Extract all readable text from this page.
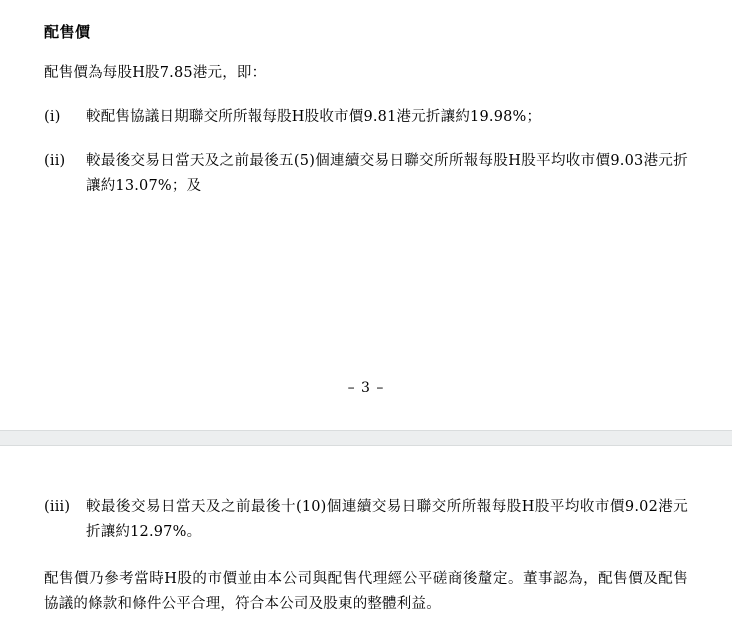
配售價
配售價為每股H股7.85港元，即：
(i)	較配售協議日期聯交所所報每股H股收市價9.81港元折讓約19.98%；
(ii)	較最後交易日當天及之前最後五(5)個連續交易日聯交所所報每股H股平均收市價9.03港元折讓約13.07%；及
– 3 –
(iii)	較最後交易日當天及之前最後十(10)個連續交易日聯交所所報每股H股平均收市價9.02港元折讓約12.97%。
配售價乃參考當時H股的市價並由本公司與配售代理經公平磋商後釐定。董事認為，配售價及配售協議的條款和條件公平合理，符合本公司及股東的整體利益。
